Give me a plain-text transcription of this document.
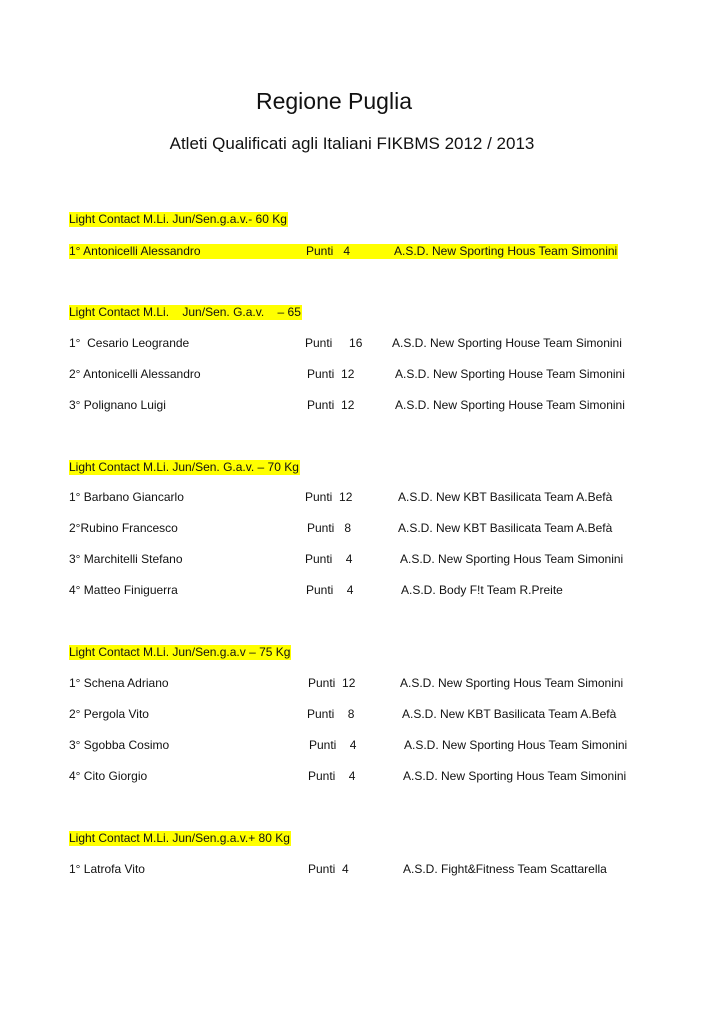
Regione Puglia
Atleti Qualificati agli Italiani FIKBMS 2012 / 2013
Light Contact M.Li. Jun/Sen.g.a.v.- 60 Kg
1° Antonicelli Alessandro	Punti   4	A.S.D. New Sporting Hous Team Simonini
Light Contact M.Li.    Jun/Sen. G.a.v.    – 65
1°  Cesario Leogrande	Punti     16 A.S.D. New Sporting House Team Simonini
2° Antonicelli Alessandro	Punti  12	A.S.D. New Sporting House Team Simonini
3° Polignano Luigi	Punti  12	A.S.D. New Sporting House Team Simonini
Light Contact M.Li. Jun/Sen. G.a.v. – 70 Kg
1° Barbano Giancarlo	Punti  12	A.S.D. New KBT Basilicata Team A.Befà
2°Rubino Francesco	Punti   8	A.S.D. New KBT Basilicata Team A.Befà
3° Marchitelli Stefano	Punti    4	A.S.D. New Sporting Hous Team Simonini
4° Matteo Finiguerra	Punti    4	A.S.D. Body F!t Team R.Preite
Light Contact M.Li. Jun/Sen.g.a.v – 75 Kg
1° Schena Adriano	Punti  12	A.S.D. New Sporting Hous Team Simonini
2° Pergola Vito	Punti    8	A.S.D. New KBT Basilicata Team A.Befà
3° Sgobba Cosimo	Punti    4	A.S.D. New Sporting Hous Team Simonini
4° Cito Giorgio	Punti    4	A.S.D. New Sporting Hous Team Simonini
Light Contact M.Li. Jun/Sen.g.a.v.+ 80 Kg
1° Latrofa Vito	Punti  4	A.S.D. Fight&Fitness Team Scattarella
